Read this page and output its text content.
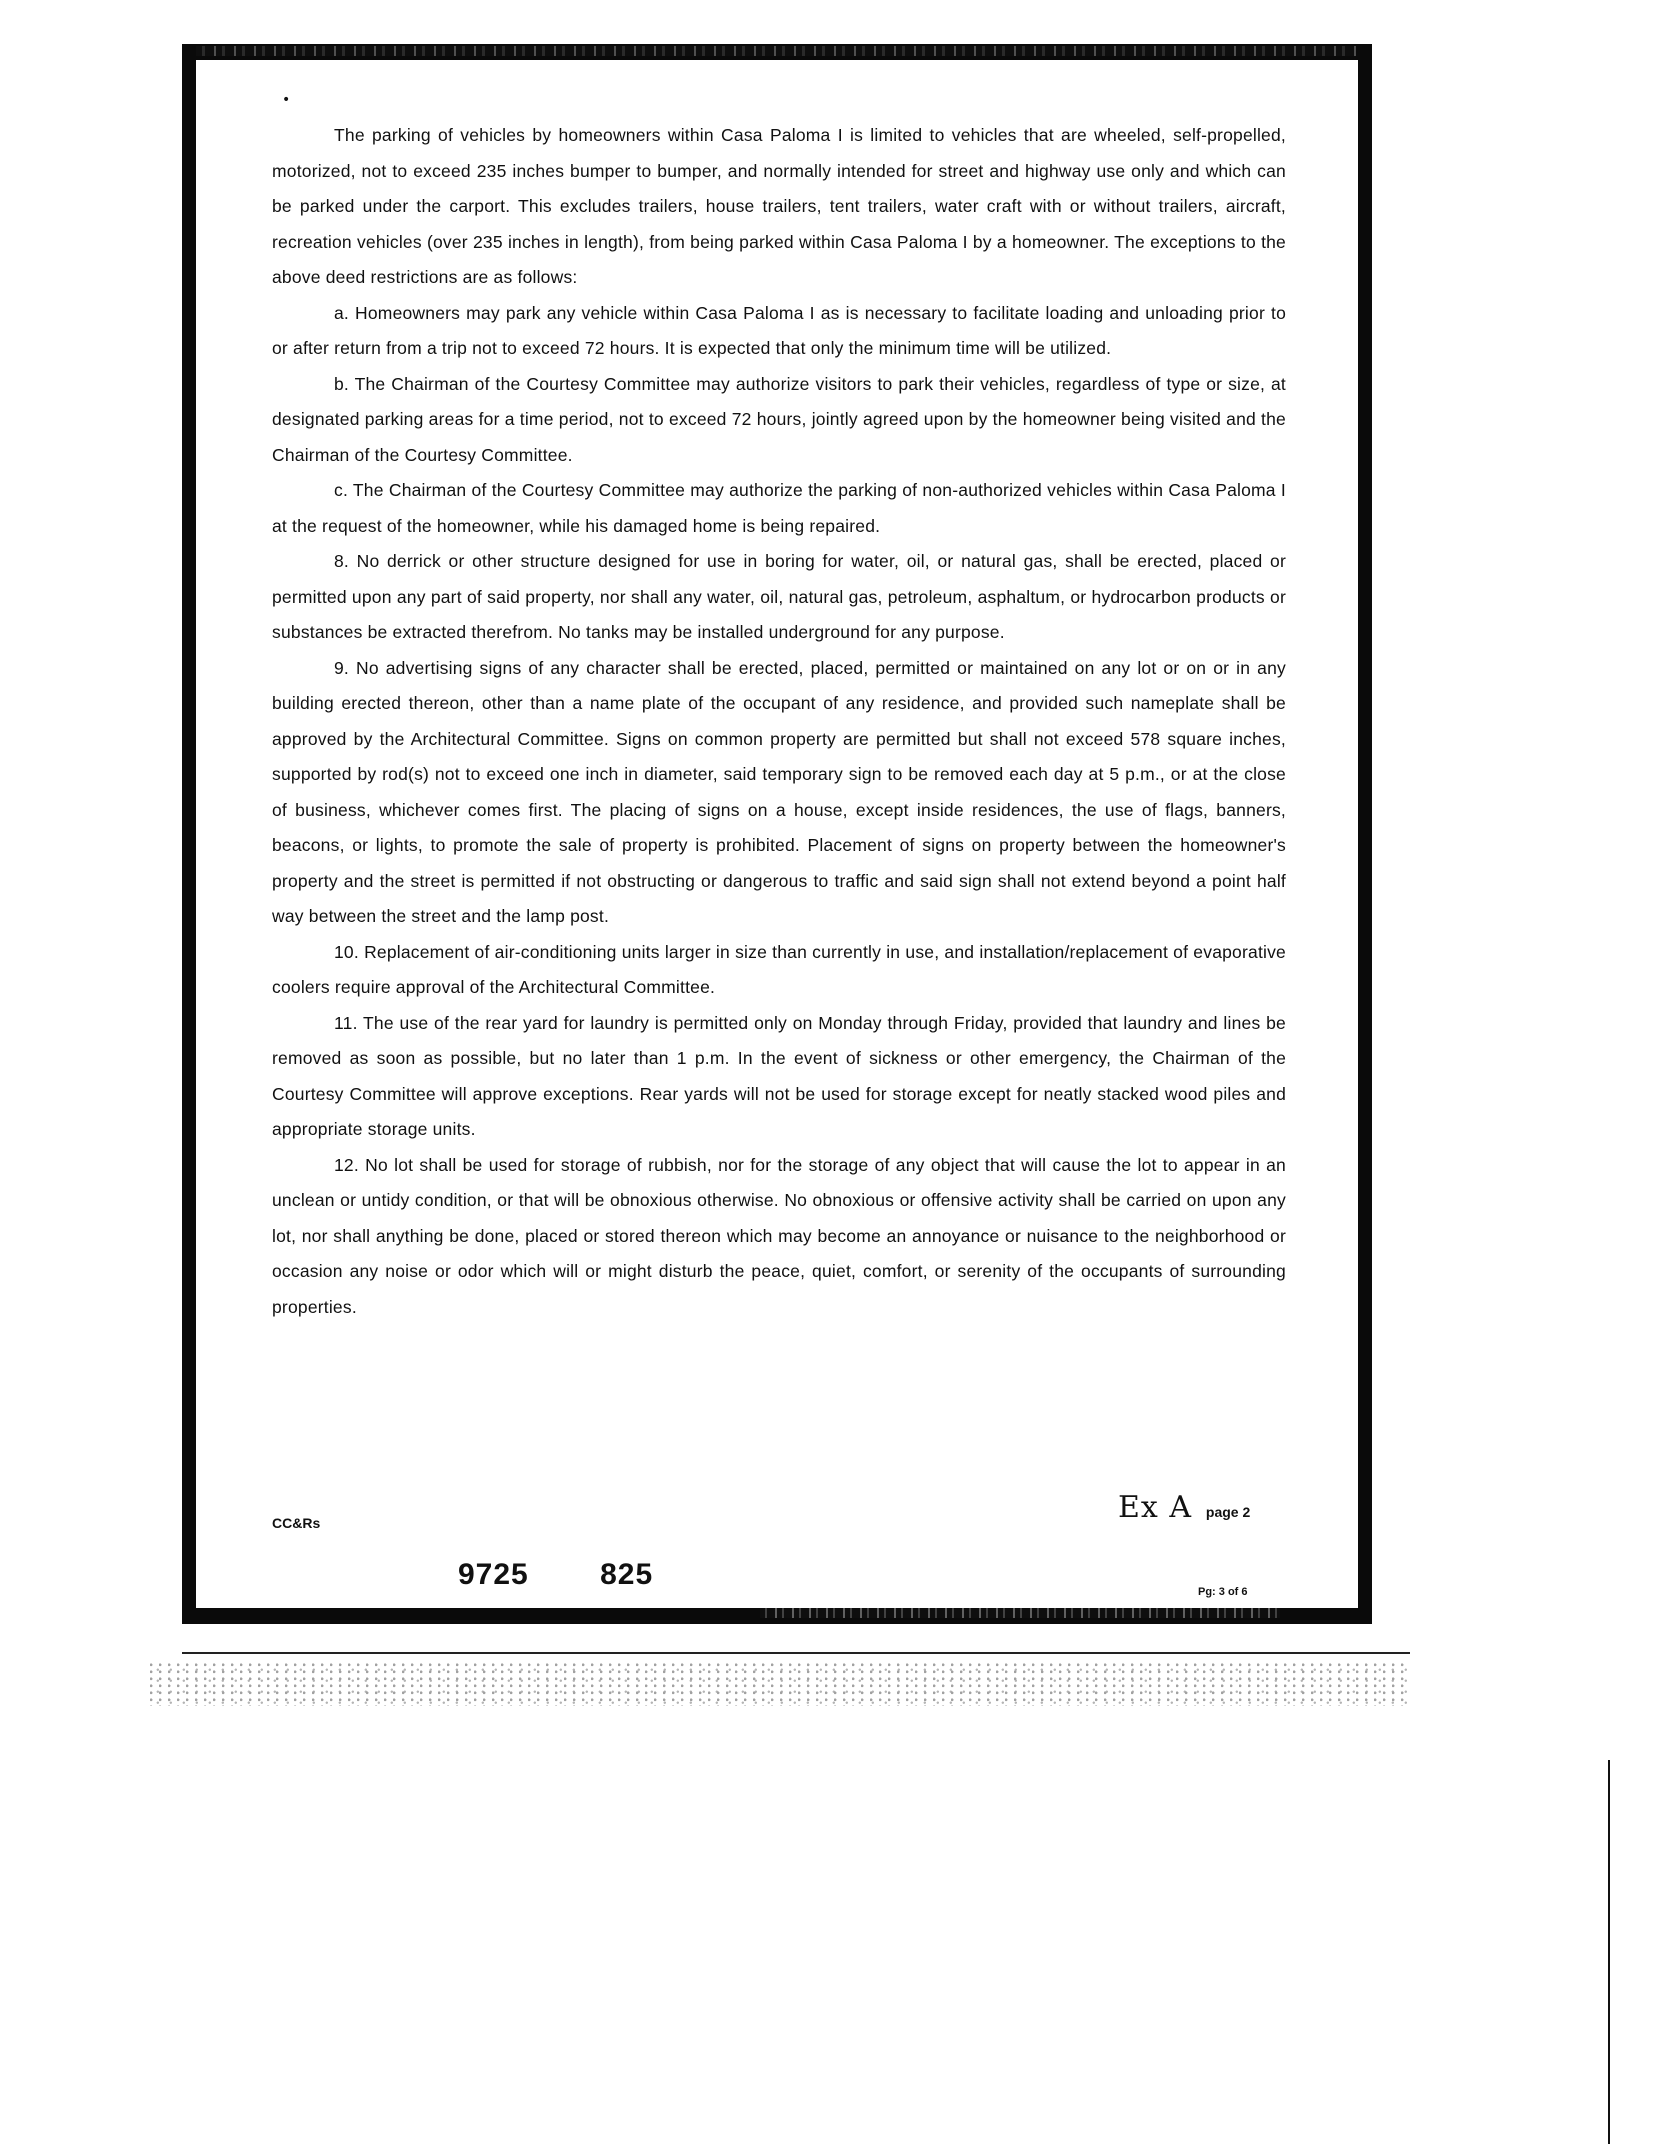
•

The parking of vehicles by homeowners within Casa Paloma I is limited to vehicles that are wheeled, self-propelled, motorized, not to exceed 235 inches bumper to bumper, and normally intended for street and highway use only and which can be parked under the carport. This excludes trailers, house trailers, tent trailers, water craft with or without trailers, aircraft, recreation vehicles (over 235 inches in length), from being parked within Casa Paloma I by a homeowner. The exceptions to the above deed restrictions are as follows:

a. Homeowners may park any vehicle within Casa Paloma I as is necessary to facilitate loading and unloading prior to or after return from a trip not to exceed 72 hours. It is expected that only the minimum time will be utilized.

b. The Chairman of the Courtesy Committee may authorize visitors to park their vehicles, regardless of type or size, at designated parking areas for a time period, not to exceed 72 hours, jointly agreed upon by the homeowner being visited and the Chairman of the Courtesy Committee.

c. The Chairman of the Courtesy Committee may authorize the parking of non-authorized vehicles within Casa Paloma I at the request of the homeowner, while his damaged home is being repaired.

8. No derrick or other structure designed for use in boring for water, oil, or natural gas, shall be erected, placed or permitted upon any part of said property, nor shall any water, oil, natural gas, petroleum, asphaltum, or hydrocarbon products or substances be extracted therefrom. No tanks may be installed underground for any purpose.

9. No advertising signs of any character shall be erected, placed, permitted or maintained on any lot or on or in any building erected thereon, other than a name plate of the occupant of any residence, and provided such nameplate shall be approved by the Architectural Committee. Signs on common property are permitted but shall not exceed 578 square inches, supported by rod(s) not to exceed one inch in diameter, said temporary sign to be removed each day at 5 p.m., or at the close of business, whichever comes first. The placing of signs on a house, except inside residences, the use of flags, banners, beacons, or lights, to promote the sale of property is prohibited. Placement of signs on property between the homeowner's property and the street is permitted if not obstructing or dangerous to traffic and said sign shall not extend beyond a point half way between the street and the lamp post.

10. Replacement of air-conditioning units larger in size than currently in use, and installation/replacement of evaporative coolers require approval of the Architectural Committee.

11. The use of the rear yard for laundry is permitted only on Monday through Friday, provided that laundry and lines be removed as soon as possible, but no later than 1 p.m. In the event of sickness or other emergency, the Chairman of the Courtesy Committee will approve exceptions. Rear yards will not be used for storage except for neatly stacked wood piles and appropriate storage units.

12. No lot shall be used for storage of rubbish, nor for the storage of any object that will cause the lot to appear in an unclean or untidy condition, or that will be obnoxious otherwise. No obnoxious or offensive activity shall be carried on upon any lot, nor shall anything be done, placed or stored thereon which may become an annoyance or nuisance to the neighborhood or occasion any noise or odor which will or might disturb the peace, quiet, comfort, or serenity of the occupants of surrounding properties.

CC&Rs	Ex A page 2
9725 825
Pg: 3 of 6
